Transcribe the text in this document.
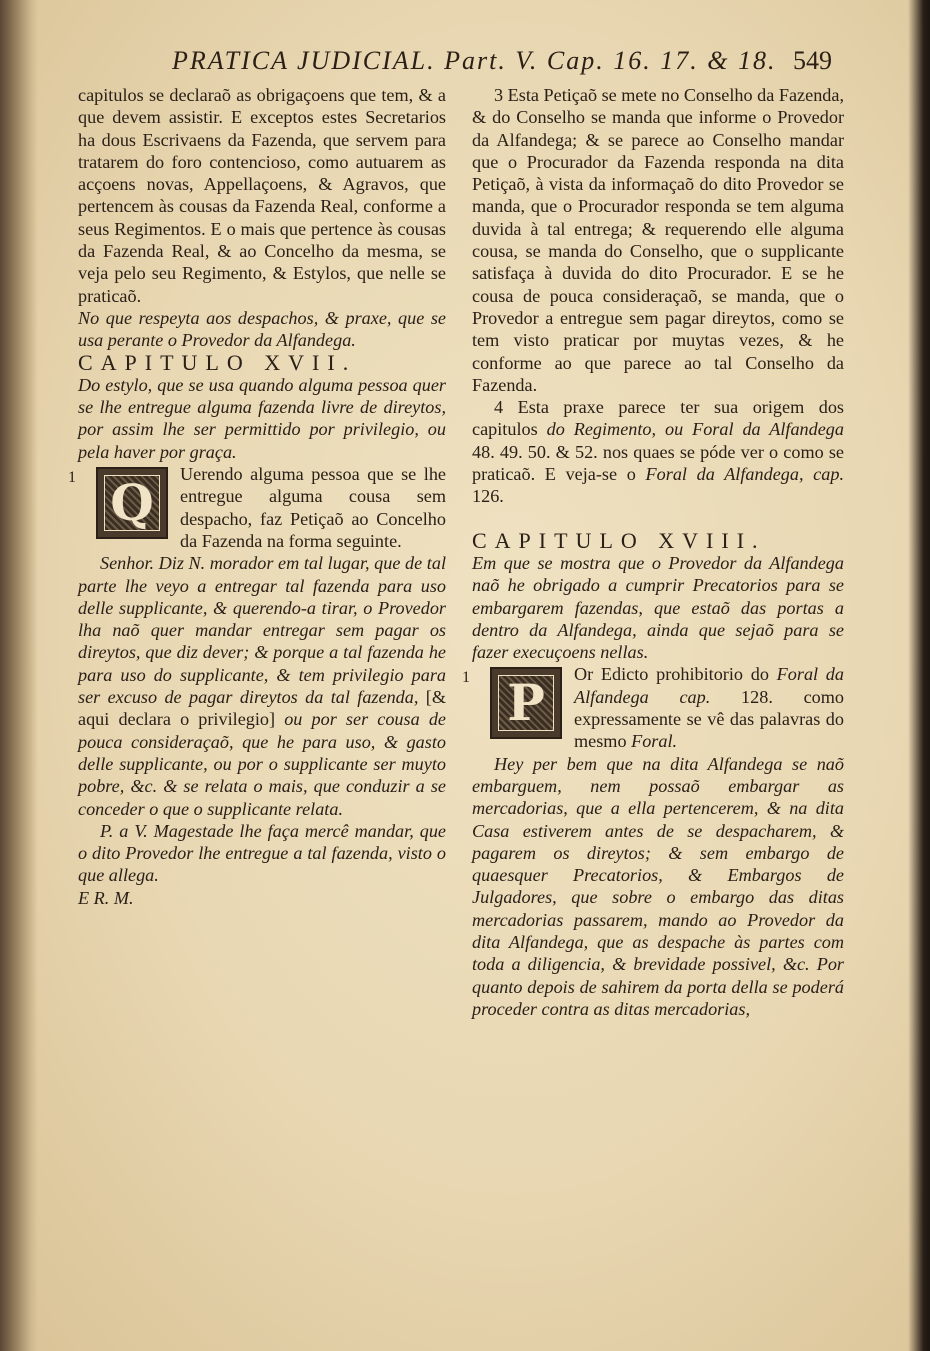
PRATICA JUDICIAL. Part. V. Cap. 16. 17. & 18. 549

capitulos se declaraõ as obrigaçoens que tem, & a que devem assistir. E exceptos estes Secretarios ha dous Escrivaens da Fazenda, que servem para tratarem do foro contencioso, como autuarem as acçoens novas, Appellaçoens, & Agravos, que pertencem às cousas da Fazenda Real, conforme a seus Regimentos. E o mais que pertence às cousas da Fazenda Real, & ao Concelho da mesma, se veja pelo seu Regimento, & Estylos, que nelle se praticaõ.

No que respeyta aos despachos, & praxe, que se usa perante o Provedor da Alfandega.

CAPITULO XVII.

Do estylo, que se usa quando alguma pessoa quer se lhe entregue alguma fazenda livre de direytos, por assim lhe ser permittido por privilegio, ou pela haver por graça.

1 Q	Uerendo alguma pessoa que se lhe entregue alguma cousa sem despacho, faz Petiçaõ ao Concelho da Fazenda na forma seguinte.

Senhor. Diz N. morador em tal lugar, que de tal parte lhe veyo a entregar tal fazenda para uso delle supplicante, & querendo-a tirar, o Provedor lha naõ quer mandar entregar sem pagar os direytos, que diz dever; & porque a tal fazenda he para uso do supplicante, & tem privilegio para ser excuso de pagar direytos da tal fazenda, [& aqui declara o privilegio] ou por ser cousa de pouca consideraçaõ, que he para uso, & gasto delle supplicante, ou por o supplicante ser muyto pobre, &c. & se relata o mais, que conduzir a se conceder o que o supplicante relata.

P. a V. Magestade lhe faça mercê mandar, que o dito Provedor lhe entregue a tal fazenda, visto o que allega.

E R. M.

3 Esta Petiçaõ se mete no Conselho da Fazenda, & do Conselho se manda que informe o Provedor da Alfandega; & se parece ao Conselho mandar que o Procurador da Fazenda responda na dita Petiçaõ, à vista da informaçaõ do dito Provedor se manda, que o Procurador responda se tem alguma duvida à tal entrega; & requerendo elle alguma cousa, se manda do Conselho, que o supplicante satisfaça à duvida do dito Procurador. E se he cousa de pouca consideraçaõ, se manda, que o Provedor a entregue sem pagar direytos, como se tem visto praticar por muytas vezes, & he conforme ao que parece ao tal Conselho da Fazenda.

4 Esta praxe parece ter sua origem dos capitulos do Regimento, ou Foral da Alfandega 48. 49. 50. & 52. nos quaes se póde ver o como se praticaõ. E veja-se o Foral da Alfandega, cap. 126.

CAPITULO XVIII.

Em que se mostra que o Provedor da Alfandega naõ he obrigado a cumprir Precatorios para se embargarem fazendas, que estaõ das portas a dentro da Alfandega, ainda que sejaõ para se fazer execuçoens nellas.

1 P	Or Edicto prohibitorio do Foral da Alfandega cap. 128. como expressamente se vê das palavras do mesmo Foral.

Hey per bem que na dita Alfandega se naõ embarguem, nem possaõ embargar as mercadorias, que a ella pertencerem, & na dita Casa estiverem antes de se despacharem, & pagarem os direytos; & sem embargo de quaesquer Precatorios, & Embargos de Julgadores, que sobre o embargo das ditas mercadorias passarem, mando ao Provedor da dita Alfandega, que as despache às partes com toda a diligencia, & brevidade possivel, &c. Por quanto depois de sahirem da porta della se poderá proceder contra as ditas mercadorias,
